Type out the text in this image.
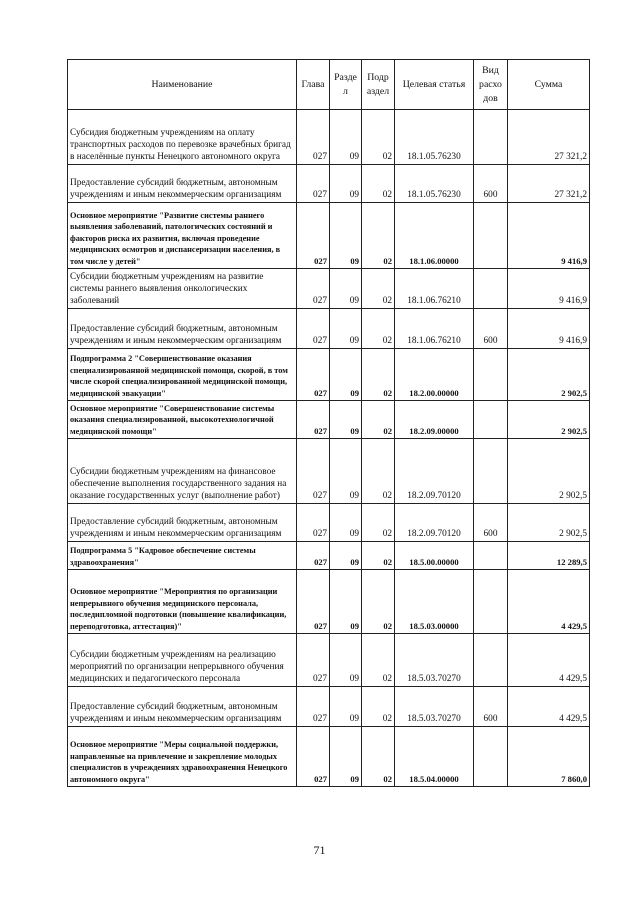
Наименование	Глава	Разде л	Подр аздел	Целевая статья	Вид расхо дов	Сумма
Субсидия бюджетным учреждениям на оплату транспортных расходов по перевозке врачебных бригад в населённые пункты Ненецкого автономного округа	027	09	02	18.1.05.76230		27 321,2
Предоставление субсидий бюджетным, автономным учреждениям и иным некоммерческим организациям	027	09	02	18.1.05.76230	600	27 321,2
Основное мероприятие "Развитие системы раннего выявления заболеваний, патологических состояний и факторов риска их развития, включая проведение медицинских осмотров и диспансеризации населения, в том числе у детей"	027	09	02	18.1.06.00000		9 416,9
Субсидии бюджетным учреждениям на развитие системы раннего выявления онкологических заболеваний	027	09	02	18.1.06.76210		9 416,9
Предоставление субсидий бюджетным, автономным учреждениям и иным некоммерческим организациям	027	09	02	18.1.06.76210	600	9 416,9
Подпрограмма 2 "Совершенствование оказания специализированной медицинской помощи, скорой, в том числе скорой специализированной медицинской помощи, медицинской эвакуации"	027	09	02	18.2.00.00000		2 902,5
Основное мероприятие "Совершенствование системы оказания специализированной, высокотехнологичной медицинской помощи"	027	09	02	18.2.09.00000		2 902,5
Субсидии бюджетным учреждениям на финансовое обеспечение выполнения государственного задания на оказание государственных услуг (выполнение работ)	027	09	02	18.2.09.70120		2 902,5
Предоставление субсидий бюджетным, автономным учреждениям и иным некоммерческим организациям	027	09	02	18.2.09.70120	600	2 902,5
Подпрограмма 5 "Кадровое обеспечение системы здравоохранения"	027	09	02	18.5.00.00000		12 289,5
Основное мероприятие "Мероприятия по организации непрерывного обучения медицинского персонала, последипломной подготовки (повышение квалификации, переподготовка, аттестация)"	027	09	02	18.5.03.00000		4 429,5
Субсидии бюджетным учреждениям на реализацию мероприятий по организации непрерывного обучения медицинских и педагогического персонала	027	09	02	18.5.03.70270		4 429,5
Предоставление субсидий бюджетным, автономным учреждениям и иным некоммерческим организациям	027	09	02	18.5.03.70270	600	4 429,5
Основное мероприятие "Меры социальной поддержки, направленные на привлечение и закрепление молодых специалистов в учреждениях здравоохранения Ненецкого автономного округа"	027	09	02	18.5.04.00000		7 860,0
71
